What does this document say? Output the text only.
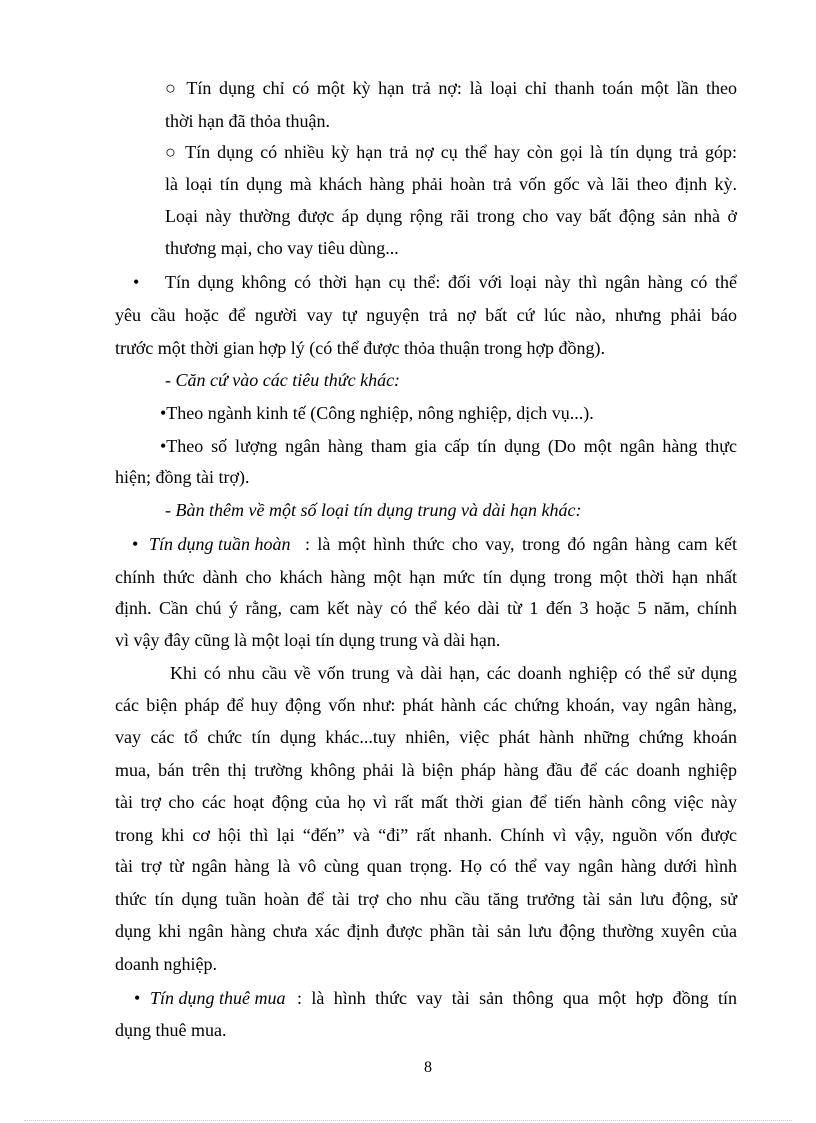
○ Tín dụng chỉ có một kỳ hạn trả nợ: là loại chỉ thanh toán một lần theo
thời hạn đã thỏa thuận.
○ Tín dụng có nhiều kỳ hạn trả nợ cụ thể hay còn gọi là tín dụng trả góp:
là loại tín dụng mà khách hàng phải hoàn trả vốn gốc và lãi theo định kỳ.
Loại này thường được áp dụng rộng rãi trong cho vay bất động sản nhà ở
thương mại, cho vay tiêu dùng...
• Tín dụng không có thời hạn cụ thể: đối với loại này thì ngân hàng có thể
yêu cầu hoặc để người vay tự nguyện trả nợ bất cứ lúc nào, nhưng phải báo
trước một thời gian hợp lý (có thể được thỏa thuận trong hợp đồng).
- Căn cứ vào các tiêu thức khác:
•Theo ngành kinh tế (Công nghiệp, nông nghiệp, dịch vụ...).
•Theo số lượng ngân hàng tham gia cấp tín dụng (Do một ngân hàng thực
hiện; đồng tài trợ).
- Bàn thêm về một số loại tín dụng trung và dài hạn khác:
• Tín dụng tuần hoàn : là một hình thức cho vay, trong đó ngân hàng cam kết
chính thức dành cho khách hàng một hạn mức tín dụng trong một thời hạn nhất
định. Cần chú ý rằng, cam kết này có thể kéo dài từ 1 đến 3 hoặc 5 năm, chính
vì vậy đây cũng là một loại tín dụng trung và dài hạn.
Khi có nhu cầu về vốn trung và dài hạn, các doanh nghiệp có thể sử dụng
các biện pháp để huy động vốn như: phát hành các chứng khoán, vay ngân hàng,
vay các tổ chức tín dụng khác...tuy nhiên, việc phát hành những chứng khoán
mua, bán trên thị trường không phải là biện pháp hàng đầu để các doanh nghiệp
tài trợ cho các hoạt động của họ vì rất mất thời gian để tiến hành công việc này
trong khi cơ hội thì lại “đến” và “đi” rất nhanh. Chính vì vậy, nguồn vốn được
tài trợ từ ngân hàng là vô cùng quan trọng. Họ có thể vay ngân hàng dưới hình
thức tín dụng tuần hoàn để tài trợ cho nhu cầu tăng trưởng tài sản lưu động, sử
dụng khi ngân hàng chưa xác định được phần tài sản lưu động thường xuyên của
doanh nghiệp.
• Tín dụng thuê mua : là hình thức vay tài sản thông qua một hợp đồng tín
dụng thuê mua.
8
